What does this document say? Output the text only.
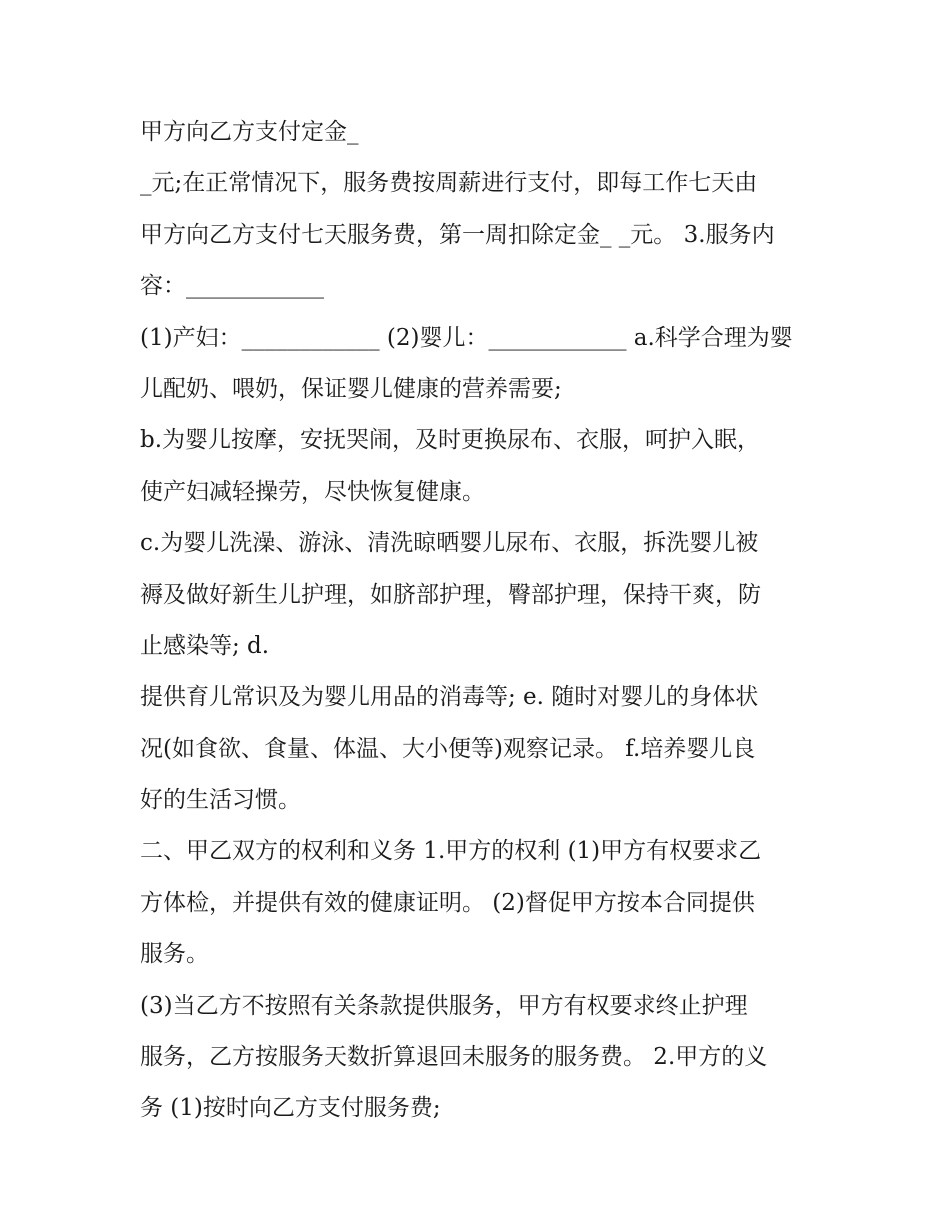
甲方向乙方支付定金_
_元;在正常情况下，服务费按周薪进行支付，即每工作七天由
甲方向乙方支付七天服务费，第一周扣除定金_ _元。 3.服务内
容：____________
(1)产妇：____________ (2)婴儿：____________ a.科学合理为婴
儿配奶、喂奶，保证婴儿健康的营养需要;
b.为婴儿按摩，安抚哭闹，及时更换尿布、衣服，呵护入眠，
使产妇减轻操劳，尽快恢复健康。
c.为婴儿洗澡、游泳、清洗晾晒婴儿尿布、衣服，拆洗婴儿被
褥及做好新生儿护理，如脐部护理，臀部护理，保持干爽，防
止感染等; d.
提供育儿常识及为婴儿用品的消毒等; e. 随时对婴儿的身体状
况(如食欲、食量、体温、大小便等)观察记录。 f.培养婴儿良
好的生活习惯。
二、甲乙双方的权利和义务 1.甲方的权利 (1)甲方有权要求乙
方体检，并提供有效的健康证明。 (2)督促甲方按本合同提供
服务。
(3)当乙方不按照有关条款提供服务，甲方有权要求终止护理
服务，乙方按服务天数折算退回未服务的服务费。 2.甲方的义
务 (1)按时向乙方支付服务费;
